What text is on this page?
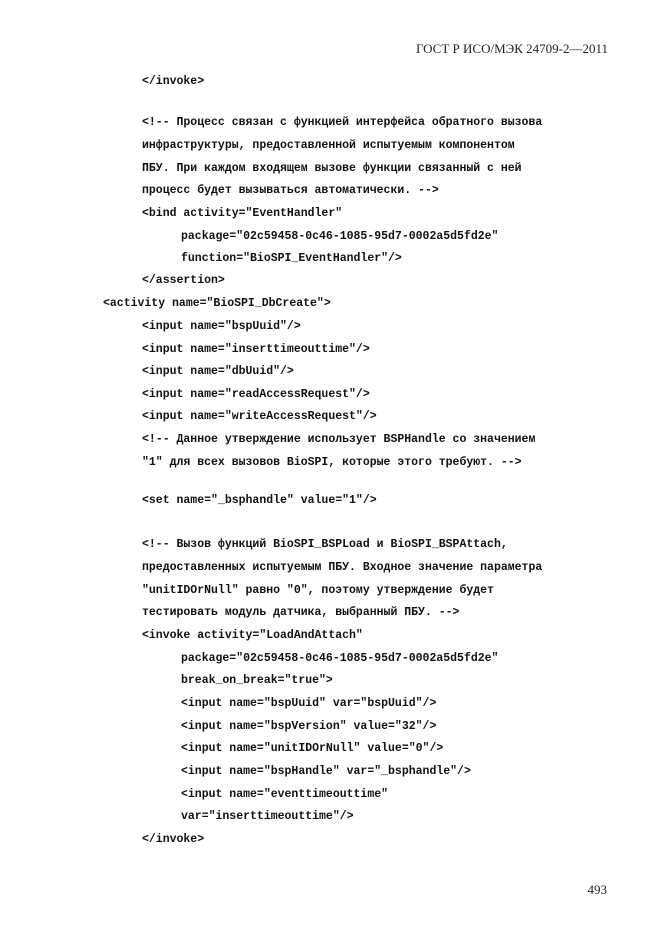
ГОСТ Р ИСО/МЭК 24709-2—2011
</invoke>
<!-- Процесс связан с функцией интерфейса обратного вызова
инфраструктуры, предоставленной испытуемым компонентом
ПБУ. При каждом входящем вызове функции связанный с ней
процесс будет вызываться автоматически. -->
<bind activity="EventHandler"
package="02c59458-0c46-1085-95d7-0002a5d5fd2e"
function="BioSPI_EventHandler"/>
</assertion>
<activity name="BioSPI_DbCreate">
<input name="bspUuid"/>
<input name="inserttimeouttime"/>
<input name="dbUuid"/>
<input name="readAccessRequest"/>
<input name="writeAccessRequest"/>
<!-- Данное утверждение использует BSPHandle со значением
"1" для всех вызовов BioSPI, которые этого требуют. -->
<set name="_bsphandle" value="1"/>
<!-- Вызов функций BioSPI_BSPLoad и BioSPI_BSPAttach,
предоставленных испытуемым ПБУ. Входное значение параметра
"unitIDOrNull" равно "0", поэтому утверждение будет
тестировать модуль датчика, выбранный ПБУ. -->
<invoke activity="LoadAndAttach"
package="02c59458-0c46-1085-95d7-0002a5d5fd2e"
break_on_break="true">
<input name="bspUuid" var="bspUuid"/>
<input name="bspVersion" value="32"/>
<input name="unitIDOrNull" value="0"/>
<input name="bspHandle" var="_bsphandle"/>
<input name="eventtimeouttime"
var="inserttimeouttime"/>
</invoke>
493
